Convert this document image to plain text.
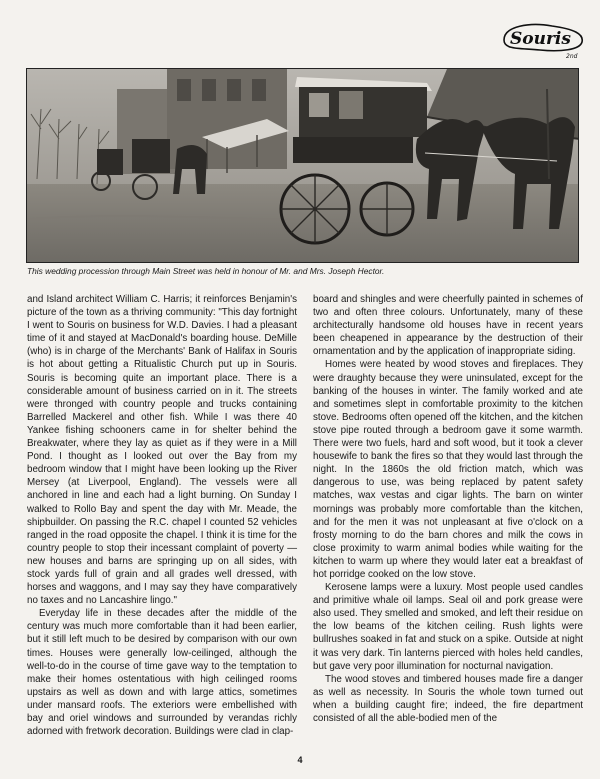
Souris
2nd
This wedding procession through Main Street was held in honour of Mr. and Mrs. Joseph Hector.

and Island architect William C. Harris; it reinforces Benjamin's picture of the town as a thriving community: "This day fortnight I went to Souris on business for W.D. Davies. I had a pleasant time of it and stayed at MacDonald's boarding house. DeMille (who) is in charge of the Merchants' Bank of Halifax in Souris is hot about getting a Ritualistic Church put up in Souris. Souris is becoming quite an important place. There is a considerable amount of business carried on in it. The streets were thronged with country people and trucks containing Barrelled Mackerel and other fish. While I was there 40 Yankee fishing schooners came in for shelter behind the Breakwater, where they lay as quiet as if they were in a Mill Pond. I thought as I looked out over the Bay from my bedroom window that I might have been looking up the River Mersey (at Liverpool, England). The vessels were all anchored in line and each had a light burning. On Sunday I walked to Rollo Bay and spent the day with Mr. Meade, the shipbuilder. On passing the R.C. chapel I counted 52 vehicles ranged in the road opposite the chapel. I think it is time for the country people to stop their incessant complaint of poverty — new houses and barns are springing up on all sides, with stock yards full of grain and all grades well dressed, with horses and waggons, and I may say they have comparatively no taxes and no Lancashire lingo."

Everyday life in these decades after the middle of the century was much more comfortable than it had been earlier, but it still left much to be desired by comparison with our own times. Houses were generally low-ceilinged, although the well-to-do in the course of time gave way to the temptation to make their homes ostentatious with high ceilinged rooms upstairs as well as down and with large attics, sometimes under mansard roofs. The exteriors were embellished with bay and oriel windows and surrounded by verandas richly adorned with fretwork decoration. Buildings were clad in clap-

board and shingles and were cheerfully painted in schemes of two and often three colours. Unfortunately, many of these architecturally handsome old houses have in recent years been cheapened in appearance by the destruction of their ornamentation and by the application of inappropriate siding.

Homes were heated by wood stoves and fireplaces. They were draughty because they were uninsulated, except for the banking of the houses in winter. The family worked and ate and sometimes slept in comfortable proximity to the kitchen stove. Bedrooms often opened off the kitchen, and the kitchen stove pipe routed through a bedroom gave it some warmth. There were two fuels, hard and soft wood, but it took a clever housewife to bank the fires so that they would last through the night. In the 1860s the old friction match, which was dangerous to use, was being replaced by patent safety matches, wax vestas and cigar lights. The barn on winter mornings was probably more comfortable than the kitchen, and for the men it was not unpleasant at five o'clock on a frosty morning to do the barn chores and milk the cows in close proximity to warm animal bodies while waiting for the kitchen to warm up where they would later eat a breakfast of hot porridge cooked on the low stove.

Kerosene lamps were a luxury. Most people used candles and primitive whale oil lamps. Seal oil and pork grease were also used. They smelled and smoked, and left their residue on the low beams of the kitchen ceiling. Rush lights were bullrushes soaked in fat and stuck on a spike. Outside at night it was very dark. Tin lanterns pierced with holes held candles, but gave very poor illumination for nocturnal navigation.

The wood stoves and timbered houses made fire a danger as well as necessity. In Souris the whole town turned out when a building caught fire; indeed, the fire department consisted of all the able-bodied men of the

4
